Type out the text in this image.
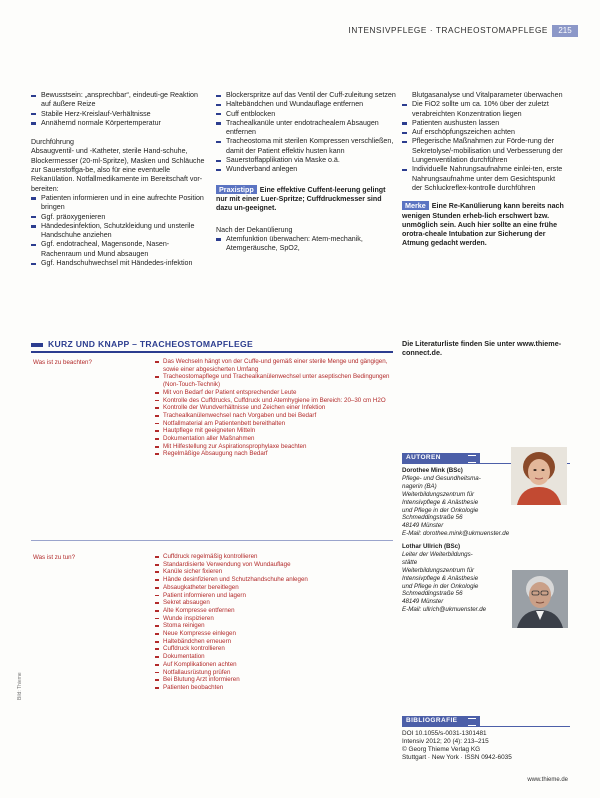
INTENSIVPFLEGE · TRACHEOSTOMAPFLEGE	215
Bewusstsein: „ansprechbar“, eindeuti-ge Reaktion auf äußere Reize
Stabile Herz-Kreislauf-Verhältnisse
Annähernd normale Körpertemperatur

Durchführung

Absaugventil- und -Katheter, sterile Hand-schuhe, Blockermesser (20-ml-Spritze), Masken und Schläuche zur Sauerstoffga-be, also für eine eventuelle Rekanülation. Notfallmedikamente im Bereitschaft vor-bereiten:

Patienten informieren und in eine aufrechte Position bringen
Ggf. präoxygenieren
Händedesinfektion, Schutzkleidung und unsterile Handschuhe anziehen
Ggf. endotracheal, Magensonde, Nasen-Rachenraum und Mund absaugen
Ggf. Handschuhwechsel mit Händedes-infektion
Blockerspritze auf das Ventil der Cuff-zuleitung setzen
Haltebändchen und Wundauflage entfernen
Cuff entblocken
Trachealkanüle unter endotrachealem Absaugen entfernen
Tracheostoma mit sterilen Kompressen verschließen, damit der Patient effektiv husten kann
Sauerstoffapplikation via Maske o.ä.
Wundverband anlegen

Praxistipp Eine effektive Cuffent-leerung gelingt nur mit einer Luer-Spritze; Cuffdruckmesser sind dazu un-geeignet.

Nach der Dekanülierung

Atemfunktion überwachen: Atem-mechanik, Atemgeräusche, SpO2,

Blutgasanalyse und Vitalparameter überwachen

Die FiO2 sollte um ca. 10% über der zuletzt verabreichten Konzentration liegen
Patienten aushusten lassen
Auf erschöpfungszeichen achten
Pflegerische Maßnahmen zur Förde-rung der Sekretolyse/-mobilisation und Verbesserung der Lungenventilation durchführen
Individuelle Nahrungsaufnahme einlei-ten, erste Nahrungsaufnahme unter dem Gesichtspunkt der Schluckreflex-kontrolle durchführen

Merke Eine Re-Kanülierung kann bereits nach wenigen Stunden erheb-lich erschwert bzw. unmöglich sein. Auch hier sollte an eine frühe orotra-cheale Intubation zur Sicherung der Atmung gedacht werden.

KURZ UND KNAPP – TRACHEOSTOMAPFLEGE
Was ist zu beachten?	Das Wechseln hängt von der Cuffe-und gemäß einer sterile Menge und gängigen, sowie einer abgesicherten Umfang
Tracheostomapflege und Trachealkanülenwechsel unter aseptischen Bedingungen (Non-Touch-Technik)
Mit von Bedarf der Patient entsprechender Leute
Kontrolle des Cuffdrucks, Cuffdruck und Atemhygiene im Bereich: 20–30 cm H2O
Kontrolle der Wundverhältnisse und Zeichen einer Infektion
Trachealkanülenwechsel nach Vorgaben und bei Bedarf
Notfallmaterial am Patientenbett bereithalten
Hautpflege mit geeigneten Mitteln
Dokumentation aller Maßnahmen
Mit Hilfestellung zur Aspirationsprophylaxe beachten
Regelmäßige Absaugung nach Bedarf
Was ist zu tun?	Cuffdruck regelmäßig kontrollieren
Standardisierte Verwendung von Wundauflage
Kanüle sicher fixieren
Hände desinfizieren und Schutzhandschuhe anlegen
Absaugkatheter bereitlegen
Patient informieren und lagern
Sekret absaugen
Alte Kompresse entfernen
Wunde inspizieren
Stoma reinigen
Neue Kompresse einlegen
Haltebändchen erneuern
Cuffdruck kontrollieren
Dokumentation
Auf Komplikationen achten
Notfallausrüstung prüfen
Bei Blutung Arzt informieren
Patienten beobachten
Die Literaturliste finden Sie unter www.thieme-connect.de.
AUTOREN
Dorothee Mink (BSc)
Pflege- und Gesundheitsma-
nagerin (BA)
Weiterbildungszentrum für
Intensivpflege & Anästhesie
und Pflege in der Onkologie
Schmeddingstraße 56
48149 Münster
E-Mail: dorothee.mink@ukmuenster.de
Lothar Ullrich (BSc)
Leiter der Weiterbildungs-
stätte
Weiterbildungszentrum für
Intensivpflege & Anästhesie
und Pflege in der Onkologie
Schmeddingstraße 56
48149 Münster
E-Mail: ullrich@ukmuenster.de
BIBLIOGRAFIE
DOI 10.1055/s-0031-1301481
Intensiv 2012; 20 (4): 213–215
© Georg Thieme Verlag KG
Stuttgart · New York · ISSN 0942-6035
www.thieme.de
Bild: Thieme
